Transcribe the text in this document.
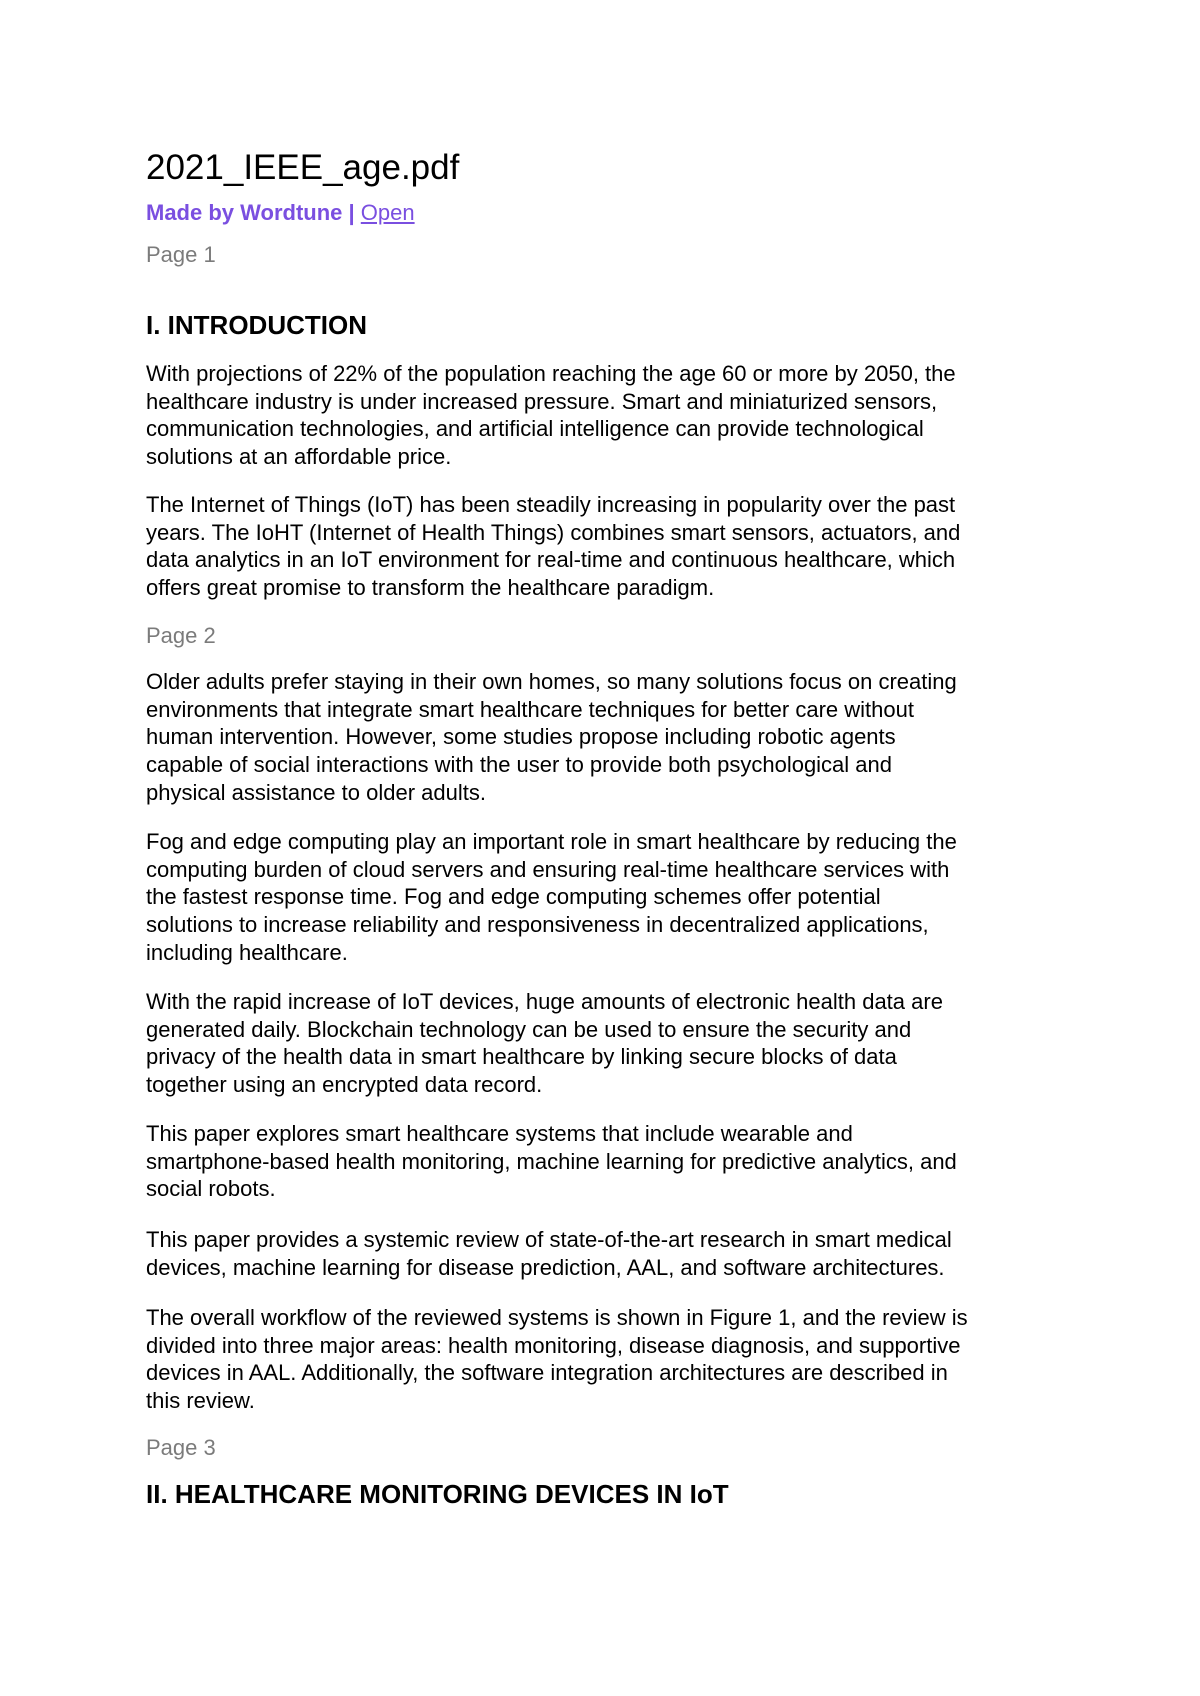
2021_IEEE_age.pdf
Made by Wordtune | Open
Page 1
I. INTRODUCTION

With projections of 22% of the population reaching the age 60 or more by 2050, the
healthcare industry is under increased pressure. Smart and miniaturized sensors,
communication technologies, and artificial intelligence can provide technological
solutions at an affordable price.

The Internet of Things (IoT) has been steadily increasing in popularity over the past
years. The IoHT (Internet of Health Things) combines smart sensors, actuators, and
data analytics in an IoT environment for real-time and continuous healthcare, which
offers great promise to transform the healthcare paradigm.

Page 2

Older adults prefer staying in their own homes, so many solutions focus on creating
environments that integrate smart healthcare techniques for better care without
human intervention. However, some studies propose including robotic agents
capable of social interactions with the user to provide both psychological and
physical assistance to older adults.

Fog and edge computing play an important role in smart healthcare by reducing the
computing burden of cloud servers and ensuring real-time healthcare services with
the fastest response time. Fog and edge computing schemes offer potential
solutions to increase reliability and responsiveness in decentralized applications,
including healthcare.

With the rapid increase of IoT devices, huge amounts of electronic health data are
generated daily. Blockchain technology can be used to ensure the security and
privacy of the health data in smart healthcare by linking secure blocks of data
together using an encrypted data record.

This paper explores smart healthcare systems that include wearable and
smartphone-based health monitoring, machine learning for predictive analytics, and
social robots.

This paper provides a systemic review of state-of-the-art research in smart medical
devices, machine learning for disease prediction, AAL, and software architectures.

The overall workflow of the reviewed systems is shown in Figure 1, and the review is
divided into three major areas: health monitoring, disease diagnosis, and supportive
devices in AAL. Additionally, the software integration architectures are described in
this review.

Page 3
II. HEALTHCARE MONITORING DEVICES IN IoT
